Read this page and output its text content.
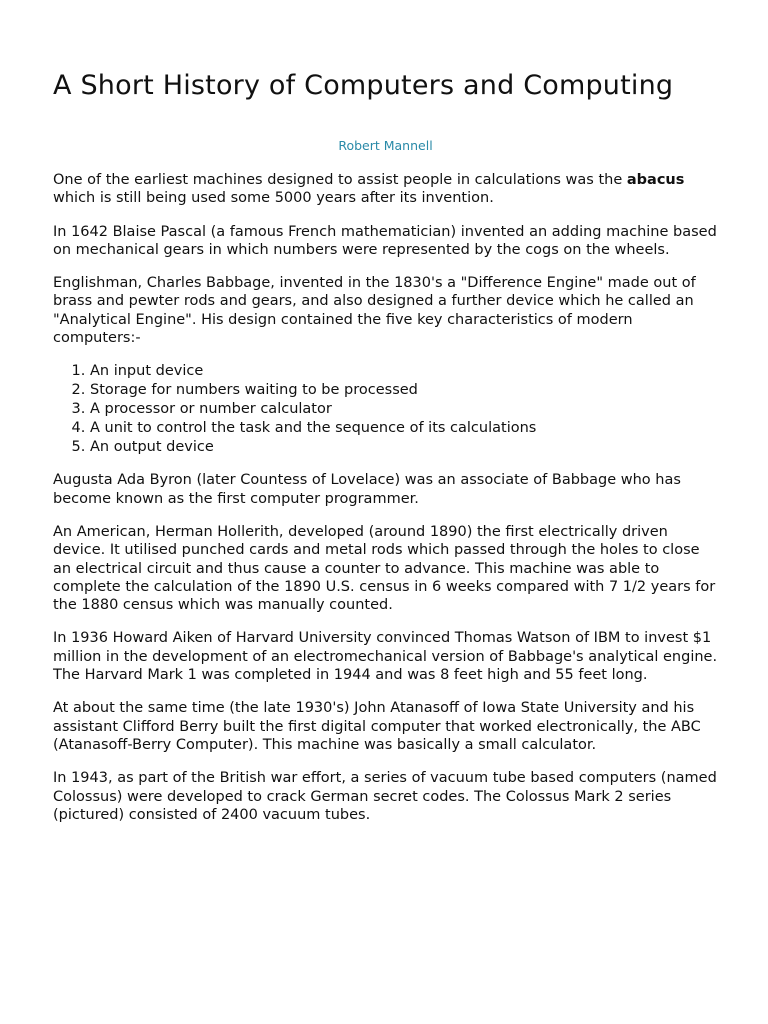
A Short History of Computers and Computing
Robert Mannell

One of the earliest machines designed to assist people in calculations was the abacus which is still being used some 5000 years after its invention.

In 1642 Blaise Pascal (a famous French mathematician) invented an adding machine based on mechanical gears in which numbers were represented by the cogs on the wheels.

Englishman, Charles Babbage, invented in the 1830's a "Difference Engine" made out of brass and pewter rods and gears, and also designed a further device which he called an "Analytical Engine". His design contained the five key characteristics of modern computers:-

1. An input device
2. Storage for numbers waiting to be processed
3. A processor or number calculator
4. A unit to control the task and the sequence of its calculations
5. An output device

Augusta Ada Byron (later Countess of Lovelace) was an associate of Babbage who has become known as the first computer programmer.

An American, Herman Hollerith, developed (around 1890) the first electrically driven device. It utilised punched cards and metal rods which passed through the holes to close an electrical circuit and thus cause a counter to advance. This machine was able to complete the calculation of the 1890 U.S. census in 6 weeks compared with 7 1/2 years for the 1880 census which was manually counted.

In 1936 Howard Aiken of Harvard University convinced Thomas Watson of IBM to invest $1 million in the development of an electromechanical version of Babbage's analytical engine. The Harvard Mark 1 was completed in 1944 and was 8 feet high and 55 feet long.

At about the same time (the late 1930's) John Atanasoff of Iowa State University and his assistant Clifford Berry built the first digital computer that worked electronically, the ABC (Atanasoff-Berry Computer). This machine was basically a small calculator.

In 1943, as part of the British war effort, a series of vacuum tube based computers (named Colossus) were developed to crack German secret codes. The Colossus Mark 2 series (pictured) consisted of 2400 vacuum tubes.
